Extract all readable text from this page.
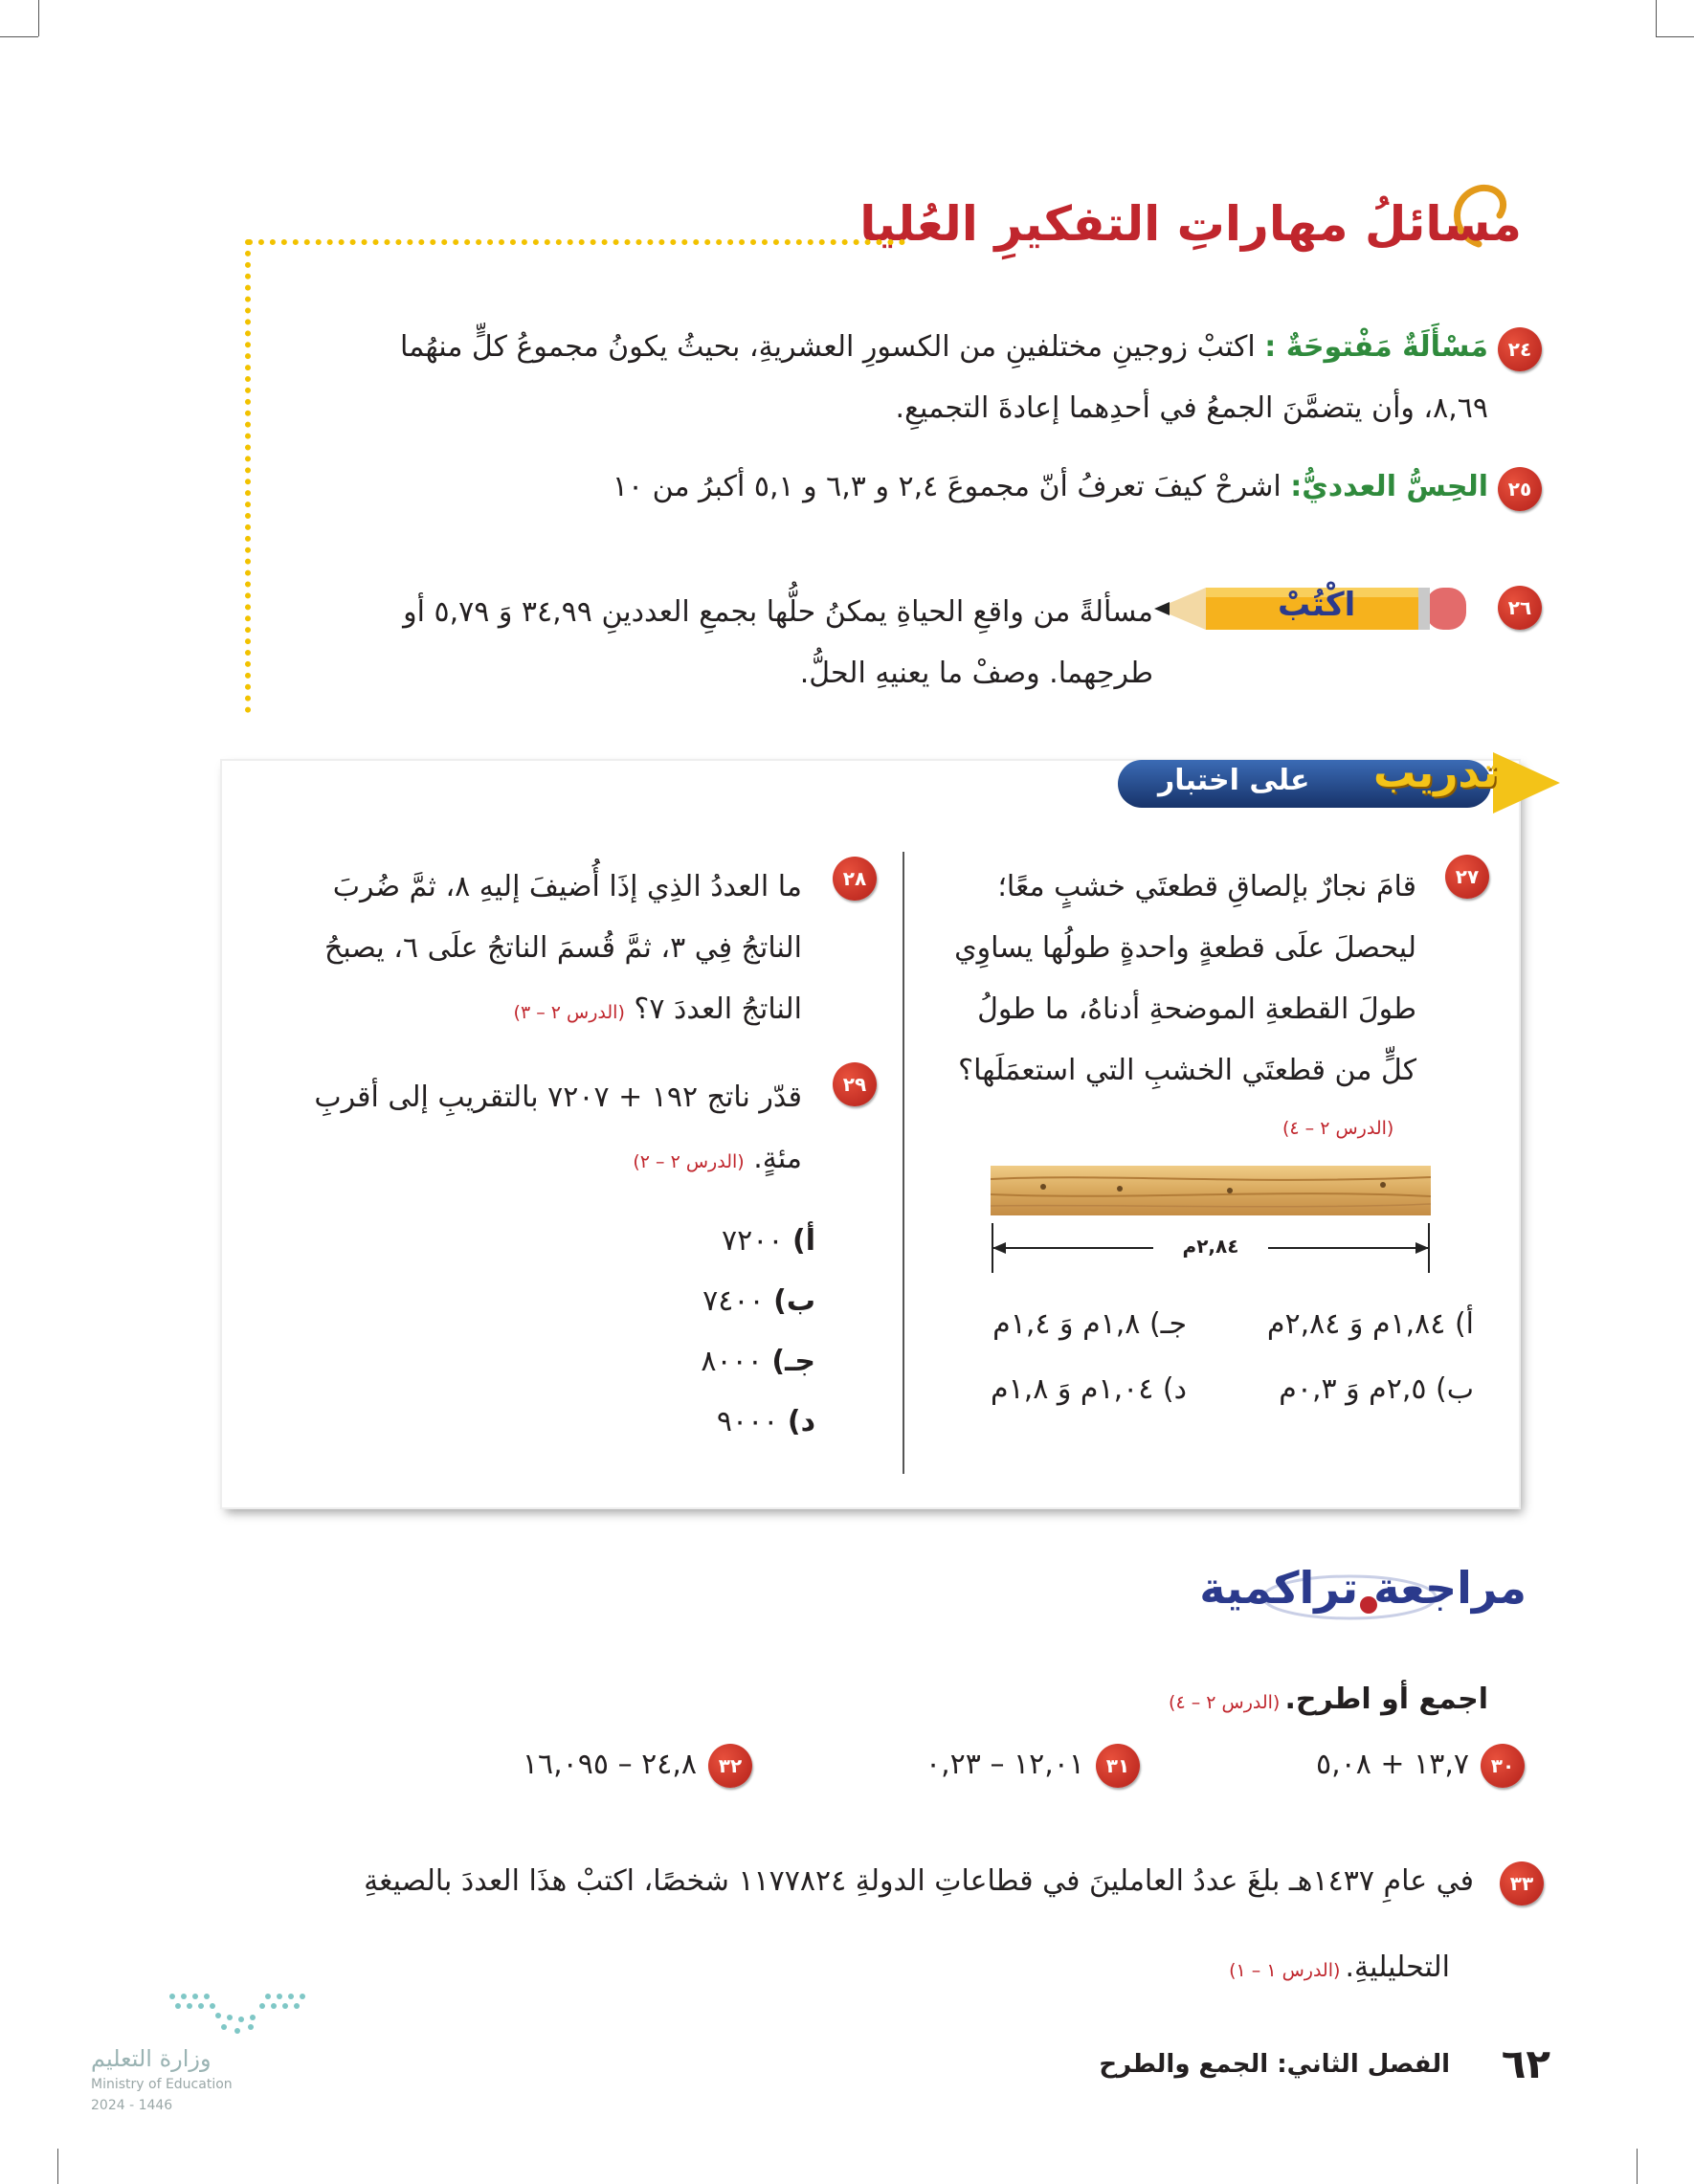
مسائلُ مهاراتِ التفكيرِ العُليا
٢٤
مَسْأَلَةٌ مَفْتوحَةٌ : اكتبْ زوجينِ مختلفينِ من الكسورِ العشريةِ، بحيثُ يكونُ مجموعُ كلٍّ منهُما
٨,٦٩، وأن يتضمَّنَ الجمعُ في أحدِهما إعادةَ التجميعِ.
٢٥
الحِسُّ العدديُّ: اشرحْ كيفَ تعرفُ أنّ مجموعَ ٢,٤ و ٦,٣ و ٥,١ أكبرُ من ١٠
٢٦
اكْتُبْ
مسألةً من واقعِ الحياةِ يمكنُ حلُّها بجمعِ العددينِ ٣٤,٩٩ وَ ٥,٧٩ أو
طرحِهما. وصفْ ما يعنيهِ الحلُّ.
تدريب
على اختبار
٢٧
قامَ نجارٌ بإلصاقِ قطعتَي خشبٍ معًا؛
ليحصلَ علَى قطعةٍ واحدةٍ طولُها يساوِي
طولَ القطعةِ الموضحةِ أدناهُ، ما طولُ
كلٍّ من قطعتَي الخشبِ التي استعمَلَها؟
(الدرس ٢ – ٤)
٢,٨٤م
أ) ١,٨٤م وَ ٢,٨٤م
جـ) ١,٨م وَ ١,٤م
ب) ٢,٥م وَ ٠,٣م
د) ١,٠٤م وَ ١,٨م
٢٨
ما العددُ الذِي إذَا أُضيفَ إليهِ ٨، ثمَّ ضُربَ
الناتجُ فِي ٣، ثمَّ قُسمَ الناتجُ علَى ٦، يصبحُ
الناتجُ العددَ ٧؟ (الدرس ٢ – ٣)
٢٩
قدّر ناتج ١٩٢ + ٧٢٠٧ بالتقريبِ إلى أقربِ
مئةٍ. (الدرس ٢ – ٢)
أ) ٧٢٠٠
ب) ٧٤٠٠
جـ) ٨٠٠٠
د) ٩٠٠٠
مراجعة تراكمية
اجمع أو اطرح. (الدرس ٢ – ٤)
٣٠
١٣,٧ + ٥,٠٨
٣١
١٢,٠١ – ٠,٢٣
٣٢
٢٤,٨ – ١٦,٠٩٥
٣٣
في عامِ ١٤٣٧هـ بلغَ عددُ العاملينَ في قطاعاتِ الدولةِ ١١٧٧٨٢٤ شخصًا، اكتبْ هذَا العددَ بالصيغةِ
التحليليةِ. (الدرس ١ – ١)
٦٢
الفصل الثاني: الجمع والطرح
وزارة التعليم
Ministry of Education
2024 - 1446
